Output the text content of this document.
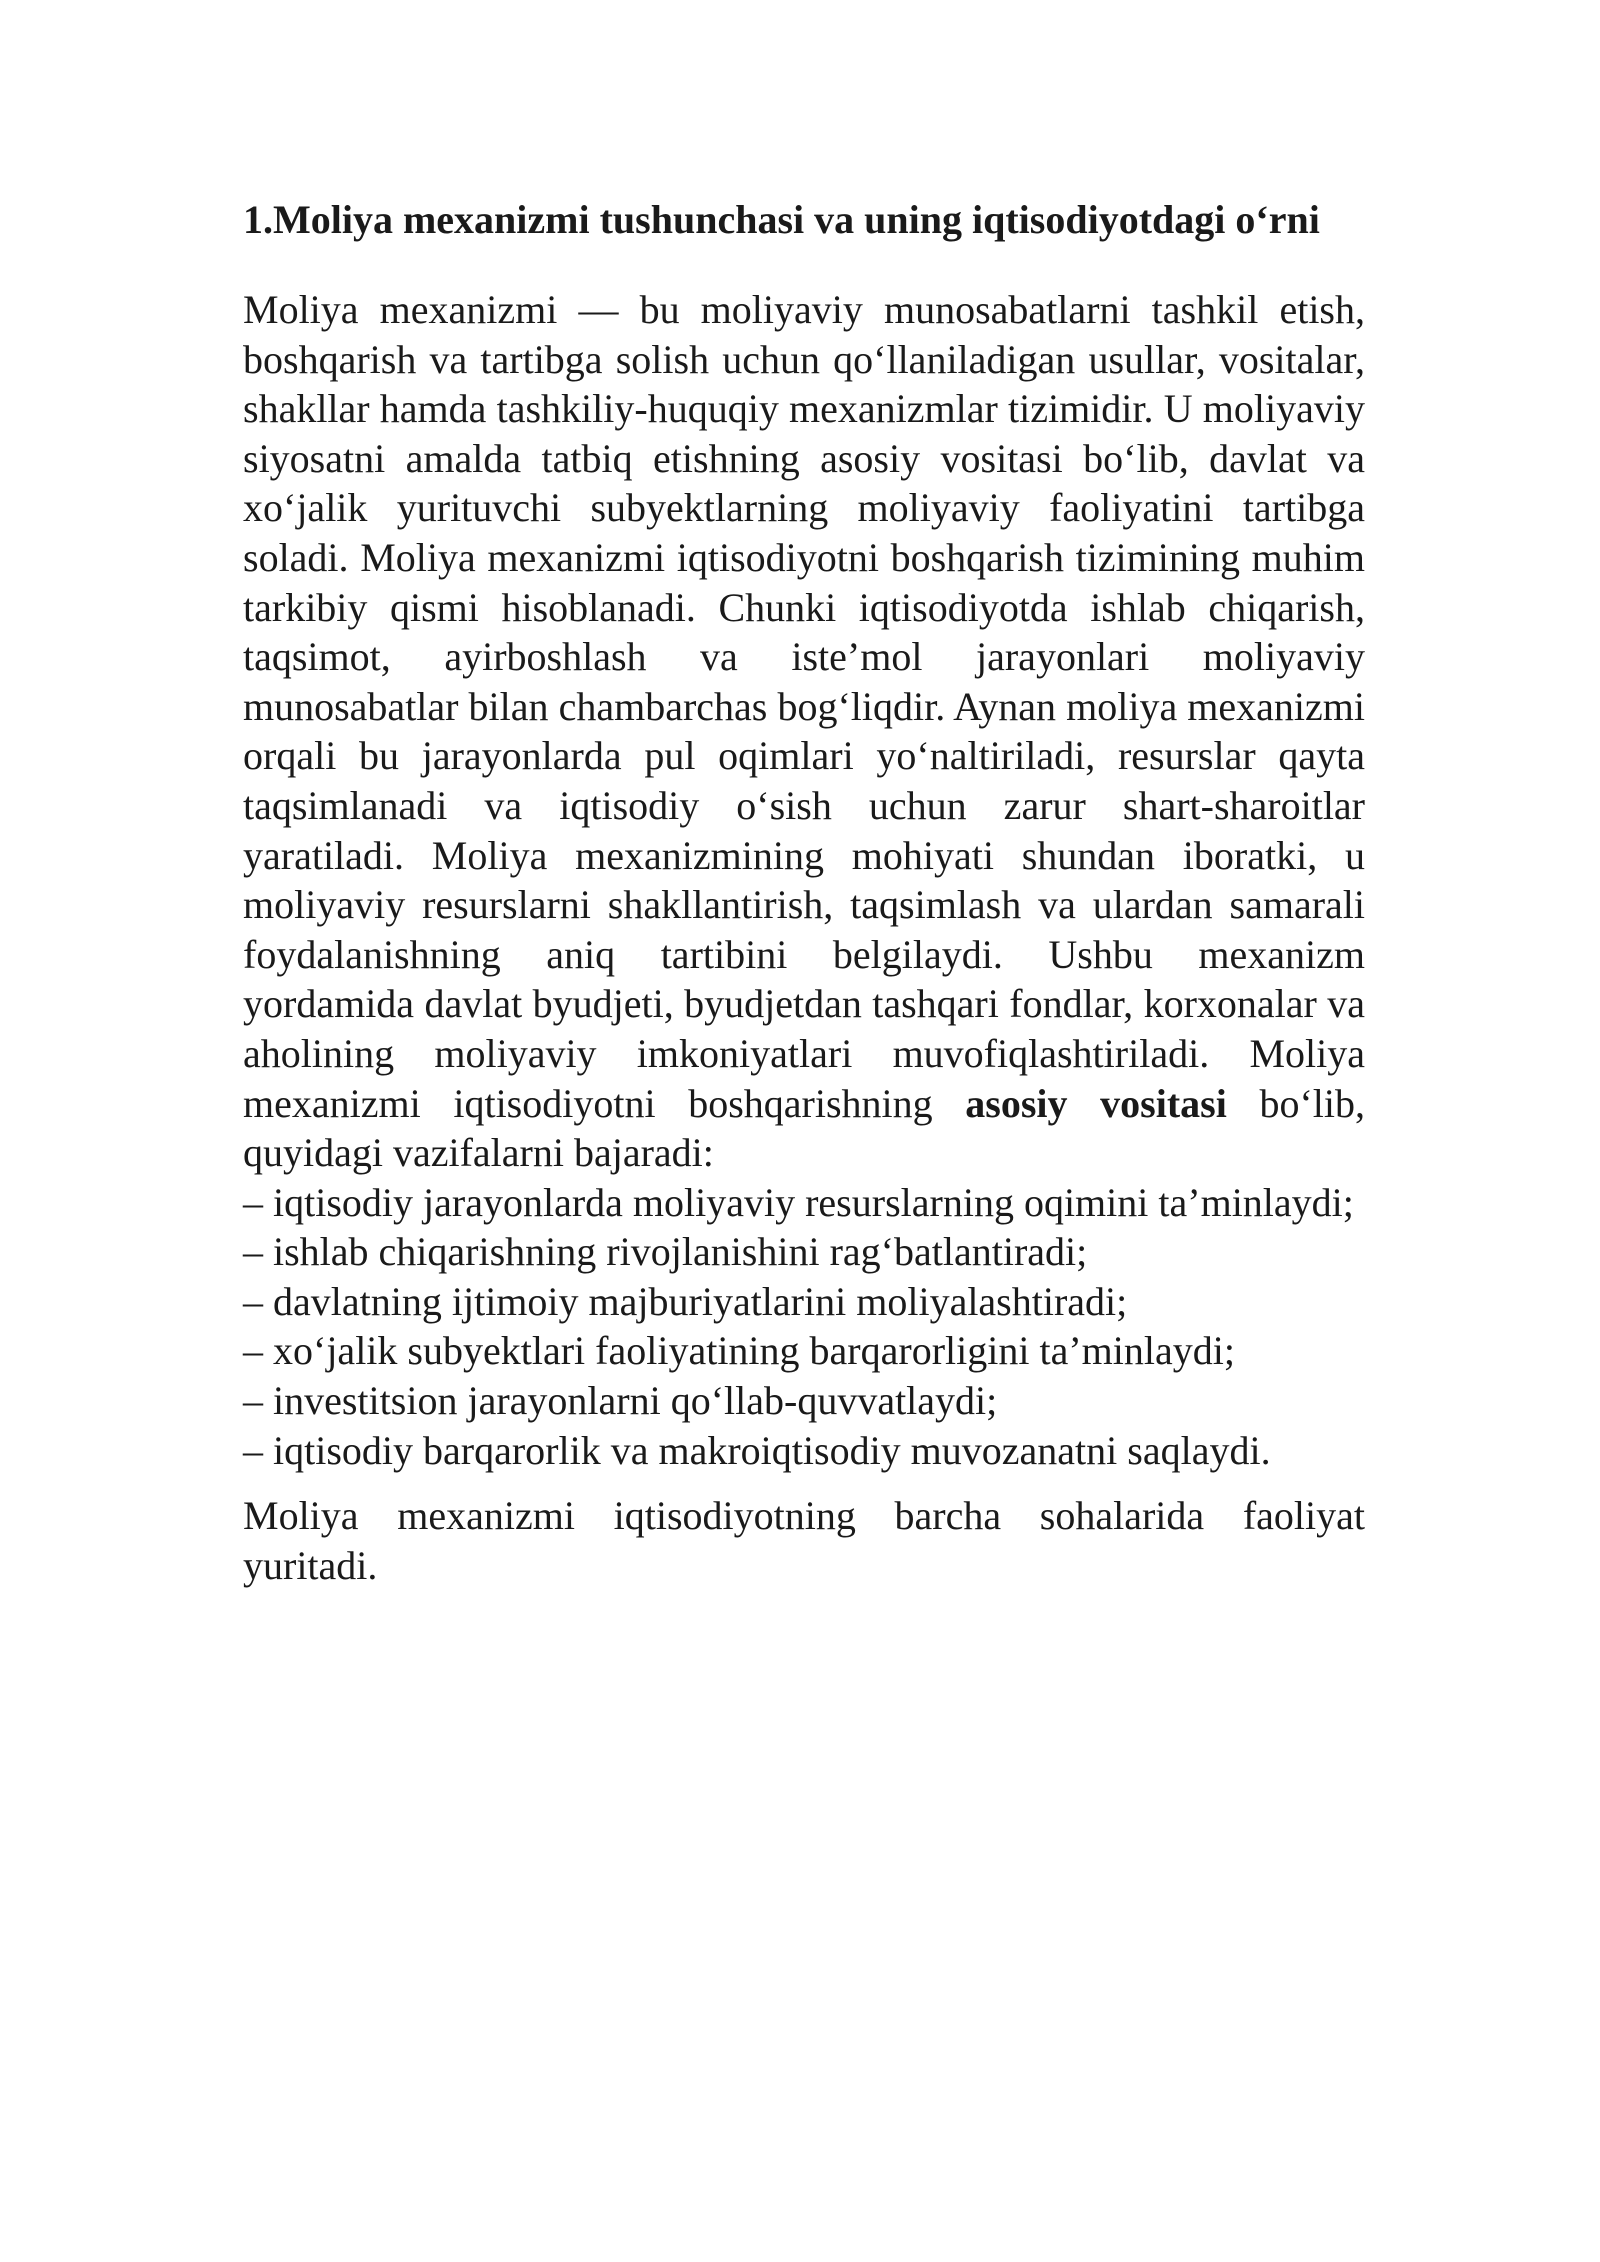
1.Moliya mexanizmi tushunchasi va uning iqtisodiyotdagi o‘rni

Moliya mexanizmi — bu moliyaviy munosabatlarni tashkil etish, boshqarish va tartibga solish uchun qo‘llaniladigan usullar, vositalar, shakllar hamda tashkiliy-huquqiy mexanizmlar tizimidir. U moliyaviy siyosatni amalda tatbiq etishning asosiy vositasi bo‘lib, davlat va xo‘jalik yurituvchi subyektlarning moliyaviy faoliyatini tartibga soladi. Moliya mexanizmi iqtisodiyotni boshqarish tizimining muhim tarkibiy qismi hisoblanadi. Chunki iqtisodiyotda ishlab chiqarish, taqsimot, ayirboshlash va iste’mol jarayonlari moliyaviy munosabatlar bilan chambarchas bog‘liqdir. Aynan moliya mexanizmi orqali bu jarayonlarda pul oqimlari yo‘naltiriladi, resurslar qayta taqsimlanadi va iqtisodiy o‘sish uchun zarur shart-sharoitlar yaratiladi. Moliya mexanizmining mohiyati shundan iboratki, u moliyaviy resurslarni shakllantirish, taqsimlash va ulardan samarali foydalanishning aniq tartibini belgilaydi. Ushbu mexanizm yordamida davlat byudjeti, byudjetdan tashqari fondlar, korxonalar va aholining moliyaviy imkoniyatlari muvofiqlashtiriladi. Moliya mexanizmi iqtisodiyotni boshqarishning asosiy vositasi bo‘lib, quyidagi vazifalarni bajaradi:

– iqtisodiy jarayonlarda moliyaviy resurslarning oqimini ta’minlaydi;
– ishlab chiqarishning rivojlanishini rag‘batlantiradi;
– davlatning ijtimoiy majburiyatlarini moliyalashtiradi;
– xo‘jalik subyektlari faoliyatining barqarorligini ta’minlaydi;
– investitsion jarayonlarni qo‘llab-quvvatlaydi;
– iqtisodiy barqarorlik va makroiqtisodiy muvozanatni saqlaydi.

Moliya mexanizmi iqtisodiyotning barcha sohalarida faoliyat yuritadi.
